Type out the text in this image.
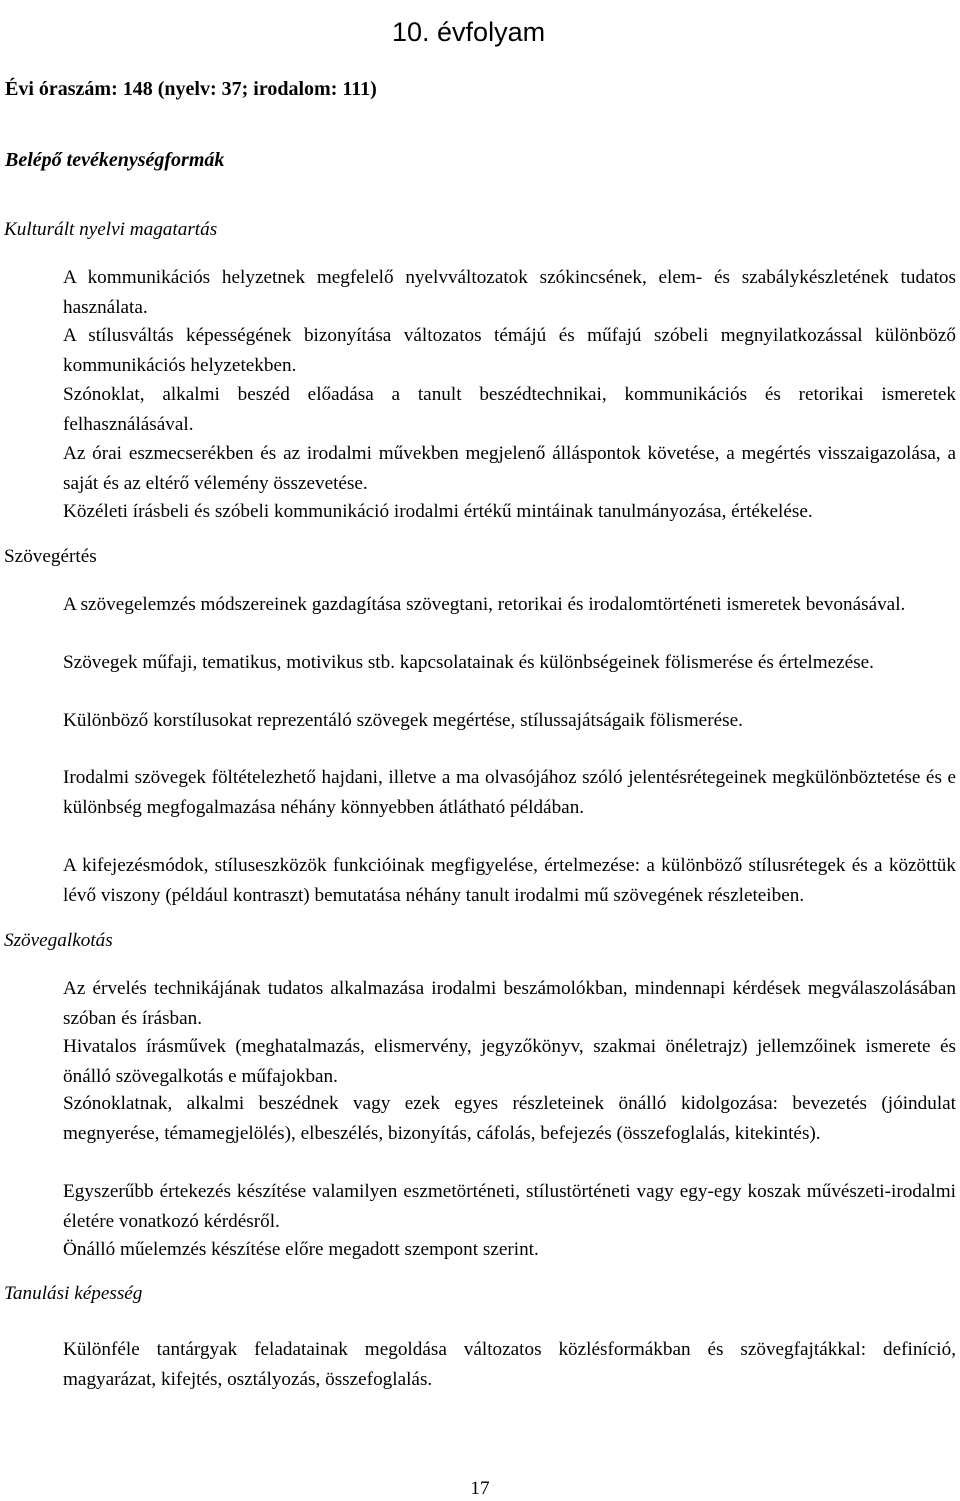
10. évfolyam
Évi óraszám: 148 (nyelv: 37; irodalom: 111)
Belépő tevékenységformák
Kulturált nyelvi magatartás

A kommunikációs helyzetnek megfelelő nyelvváltozatok szókincsének, elem- és szabálykészletének tudatos használata.

A stílusváltás képességének bizonyítása változatos témájú és műfajú szóbeli megnyilatkozással különböző kommunikációs helyzetekben.

Szónoklat, alkalmi beszéd előadása a tanult beszédtechnikai, kommunikációs és retorikai ismeretek felhasználásával.

Az órai eszmecserékben és az irodalmi művekben megjelenő álláspontok követése, a megértés visszaigazolása, a saját és az eltérő vélemény összevetése.

Közéleti írásbeli és szóbeli kommunikáció irodalmi értékű mintáinak tanulmányozása, értékelése.

Szövegértés

A szövegelemzés módszereinek gazdagítása szövegtani, retorikai és irodalomtörténeti ismeretek bevonásával.

Szövegek műfaji, tematikus, motivikus stb. kapcsolatainak és különbségeinek fölismerése és értelmezése.

Különböző korstílusokat reprezentáló szövegek megértése, stílussajátságaik fölismerése.

Irodalmi szövegek föltételezhető hajdani, illetve a ma olvasójához szóló jelentésrétegeinek megkülönböztetése és e különbség megfogalmazása néhány könnyebben átlátható példában.

A kifejezésmódok, stíluseszközök funkcióinak megfigyelése, értelmezése: a különböző stílusrétegek és a közöttük lévő viszony (például kontraszt) bemutatása néhány tanult irodalmi mű szövegének részleteiben.

Szövegalkotás

Az érvelés technikájának tudatos alkalmazása irodalmi beszámolókban, mindennapi kérdések megválaszolásában szóban és írásban.

Hivatalos írásművek (meghatalmazás, elismervény, jegyzőkönyv, szakmai önéletrajz) jellemzőinek ismerete és önálló szövegalkotás e műfajokban.

Szónoklatnak, alkalmi beszédnek vagy ezek egyes részleteinek önálló kidolgozása: bevezetés (jóindulat megnyerése, témamegjelölés), elbeszélés, bizonyítás, cáfolás, befejezés (összefoglalás, kitekintés).

Egyszerűbb értekezés készítése valamilyen eszmetörténeti, stílustörténeti vagy egy-egy koszak művészeti-irodalmi életére vonatkozó kérdésről.

Önálló műelemzés készítése előre megadott szempont szerint.

Tanulási képesség

Különféle tantárgyak feladatainak megoldása változatos közlésformákban és szövegfajtákkal: definíció, magyarázat, kifejtés, osztályozás, összefoglalás.

17
